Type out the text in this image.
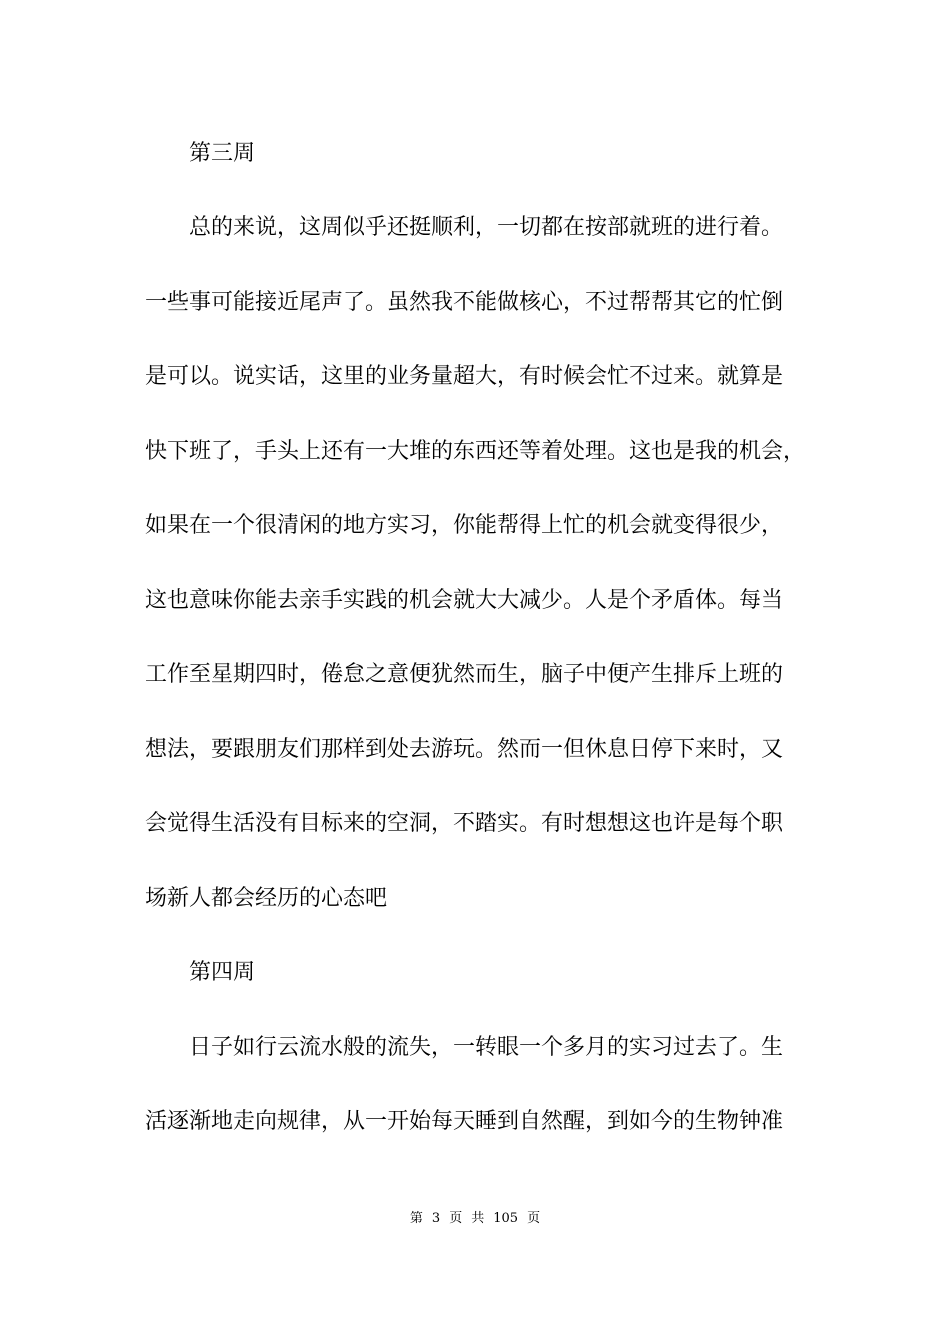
第三周
总的来说，这周似乎还挺顺利，一切都在按部就班的进行着。
一些事可能接近尾声了。虽然我不能做核心，不过帮帮其它的忙倒
是可以。说实话，这里的业务量超大，有时候会忙不过来。就算是
快下班了，手头上还有一大堆的东西还等着处理。这也是我的机会，
如果在一个很清闲的地方实习，你能帮得上忙的机会就变得很少，
这也意味你能去亲手实践的机会就大大减少。人是个矛盾体。每当
工作至星期四时，倦怠之意便犹然而生，脑子中便产生排斥上班的
想法，要跟朋友们那样到处去游玩。然而一但休息日停下来时，又
会觉得生活没有目标来的空洞，不踏实。有时想想这也许是每个职
场新人都会经历的心态吧
第四周
日子如行云流水般的流失，一转眼一个多月的实习过去了。生
活逐渐地走向规律，从一开始每天睡到自然醒，到如今的生物钟准
第 3 页 共 105 页
